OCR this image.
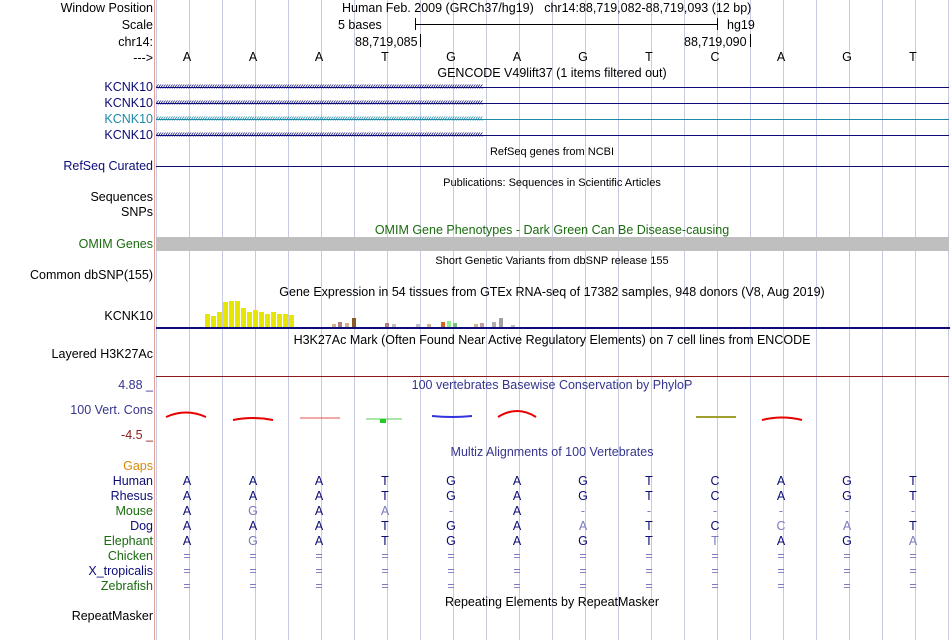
Window Position
Scale
chr14:
--->
Human Feb. 2009 (GRCh37/hg19) chr14:88,719,082-88,719,093 (12 bp)
5 bases	hg19
88,719,085	88,719,090
A	A	A	T	G	A	G	T	C	A	G	T
GENCODE V49lift37 (1 items filtered out)
KCNK10 ‹‹‹‹‹‹‹‹‹‹‹‹‹‹‹‹‹‹‹‹‹‹‹‹‹‹‹‹‹‹‹‹‹‹‹‹‹‹‹‹‹‹‹‹‹‹‹‹‹‹‹‹‹‹‹‹‹‹‹‹‹‹‹‹‹‹‹‹‹‹‹‹‹‹‹‹‹‹‹‹‹‹‹‹‹‹‹‹‹‹‹‹‹‹‹‹‹‹‹‹‹‹‹‹‹‹‹‹‹‹‹‹‹‹‹‹‹‹‹‹‹‹‹‹‹‹‹‹‹‹‹‹‹‹‹‹‹‹‹‹
KCNK10 ‹‹‹‹‹‹‹‹‹‹‹‹‹‹‹‹‹‹‹‹‹‹‹‹‹‹‹‹‹‹‹‹‹‹‹‹‹‹‹‹‹‹‹‹‹‹‹‹‹‹‹‹‹‹‹‹‹‹‹‹‹‹‹‹‹‹‹‹‹‹‹‹‹‹‹‹‹‹‹‹‹‹‹‹‹‹‹‹‹‹‹‹‹‹‹‹‹‹‹‹‹‹‹‹‹‹‹‹‹‹‹‹‹‹‹‹‹‹‹‹‹‹‹‹‹‹‹‹‹‹‹‹‹‹‹‹‹‹‹‹
KCNK10 ‹‹‹‹‹‹‹‹‹‹‹‹‹‹‹‹‹‹‹‹‹‹‹‹‹‹‹‹‹‹‹‹‹‹‹‹‹‹‹‹‹‹‹‹‹‹‹‹‹‹‹‹‹‹‹‹‹‹‹‹‹‹‹‹‹‹‹‹‹‹‹‹‹‹‹‹‹‹‹‹‹‹‹‹‹‹‹‹‹‹‹‹‹‹‹‹‹‹‹‹‹‹‹‹‹‹‹‹‹‹‹‹‹‹‹‹‹‹‹‹‹‹‹‹‹‹‹‹‹‹‹‹‹‹‹‹‹‹‹‹
KCNK10 ‹‹‹‹‹‹‹‹‹‹‹‹‹‹‹‹‹‹‹‹‹‹‹‹‹‹‹‹‹‹‹‹‹‹‹‹‹‹‹‹‹‹‹‹‹‹‹‹‹‹‹‹‹‹‹‹‹‹‹‹‹‹‹‹‹‹‹‹‹‹‹‹‹‹‹‹‹‹‹‹‹‹‹‹‹‹‹‹‹‹‹‹‹‹‹‹‹‹‹‹‹‹‹‹‹‹‹‹‹‹‹‹‹‹‹‹‹‹‹‹‹‹‹‹‹‹‹‹‹‹‹‹‹‹‹‹‹‹‹‹
RefSeq genes from NCBI
RefSeq Curated
Publications: Sequences in Scientific Articles
Sequences
SNPs
OMIM Gene Phenotypes - Dark Green Can Be Disease-causing
OMIM Genes
Short Genetic Variants from dbSNP release 155
Common dbSNP(155)
Gene Expression in 54 tissues from GTEx RNA-seq of 17382 samples, 948 donors (V8, Aug 2019)
KCNK10
H3K27Ac Mark (Often Found Near Active Regulatory Elements) on 7 cell lines from ENCODE
Layered H3K27Ac
100 vertebrates Basewise Conservation by PhyloP
4.88 _
100 Vert. Cons
-4.5 _
Multiz Alignments of 100 Vertebrates
Gaps
Human A	A	A	T	G	A	G	T	C	A	G	T
Rhesus A	A	A	T	G	A	G	T	C	A	G	T
Mouse A	G	A	A	-	A	-	-	-	-	-	-
Dog A	A	A	T	G	A	A	T	C	C	A	T
Elephant A	G	A	T	G	A	G	T	T	A	G	A
Chicken =	=	=	=	=	=	=	=	=	=	=	=
X_tropicalis =	=	=	=	=	=	=	=	=	=	=	=
Zebrafish =	=	=	=	=	=	=	=	=	=	=	=
Repeating Elements by RepeatMasker
RepeatMasker
